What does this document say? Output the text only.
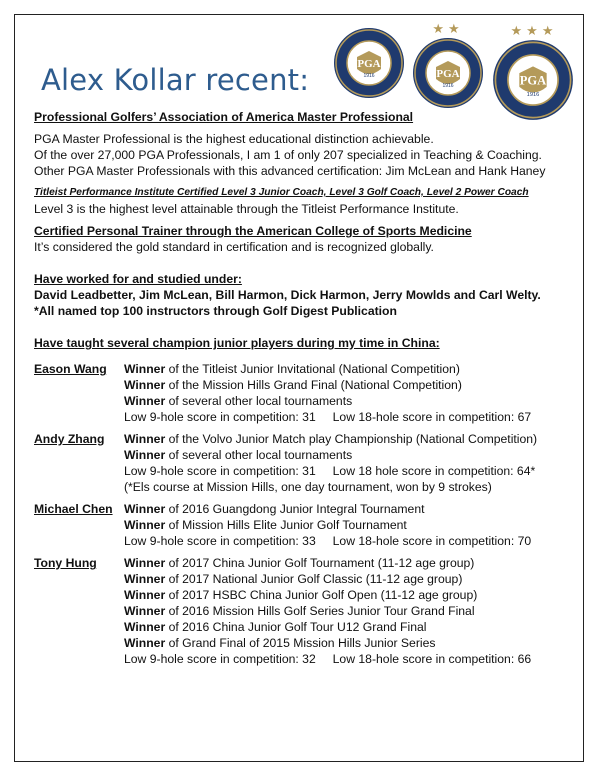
Alex Kollar recent:	PGA
1916
★★
PGA
1916
★★★
PGA
1916

Professional Golfers’ Association of America Master Professional

PGA Master Professional is the highest educational distinction achievable.

Of the over 27,000 PGA Professionals, I am 1 of only 207 specialized in Teaching & Coaching.

Other PGA Master Professionals with this advanced certification: Jim McLean and Hank Haney

Titleist Performance Institute Certified Level 3 Junior Coach, Level 3 Golf Coach, Level 2 Power Coach

Level 3 is the highest level attainable through the Titleist Performance Institute.

Certified Personal Trainer through the American College of Sports Medicine

It’s considered the gold standard in certification and is recognized globally.

Have worked for and studied under:

David Leadbetter, Jim McLean, Bill Harmon, Dick Harmon, Jerry Mowlds and Carl Welty.

*All named top 100 instructors through Golf Digest Publication

Have taught several champion junior players during my time in China:

Eason Wang	Winner of the Titleist Junior Invitational (National Competition)

Winner of the Mission Hills Grand Final (National Competition)

Winner of several other local tournaments

Low 9-hole score in competition: 31     Low 18-hole score in competition: 67

Andy Zhang	Winner of the Volvo Junior Match play Championship (National Competition)

Winner of several other local tournaments

Low 9-hole score in competition: 31     Low 18 hole score in competition: 64*

(*Els course at Mission Hills, one day tournament, won by 9 strokes)

Michael Chen Winner of 2016 Guangdong Junior Integral Tournament

Winner of Mission Hills Elite Junior Golf Tournament

Low 9-hole score in competition: 33     Low 18-hole score in competition: 70

Tony Hung	Winner of 2017 China Junior Golf Tournament (11-12 age group)

Winner of 2017 National Junior Golf Classic (11-12 age group)

Winner of 2017 HSBC China Junior Golf Open (11-12 age group)

Winner of 2016 Mission Hills Golf Series Junior Tour Grand Final

Winner of 2016 China Junior Golf Tour U12 Grand Final

Winner of Grand Final of 2015 Mission Hills Junior Series

Low 9-hole score in competition: 32     Low 18-hole score in competition: 66
